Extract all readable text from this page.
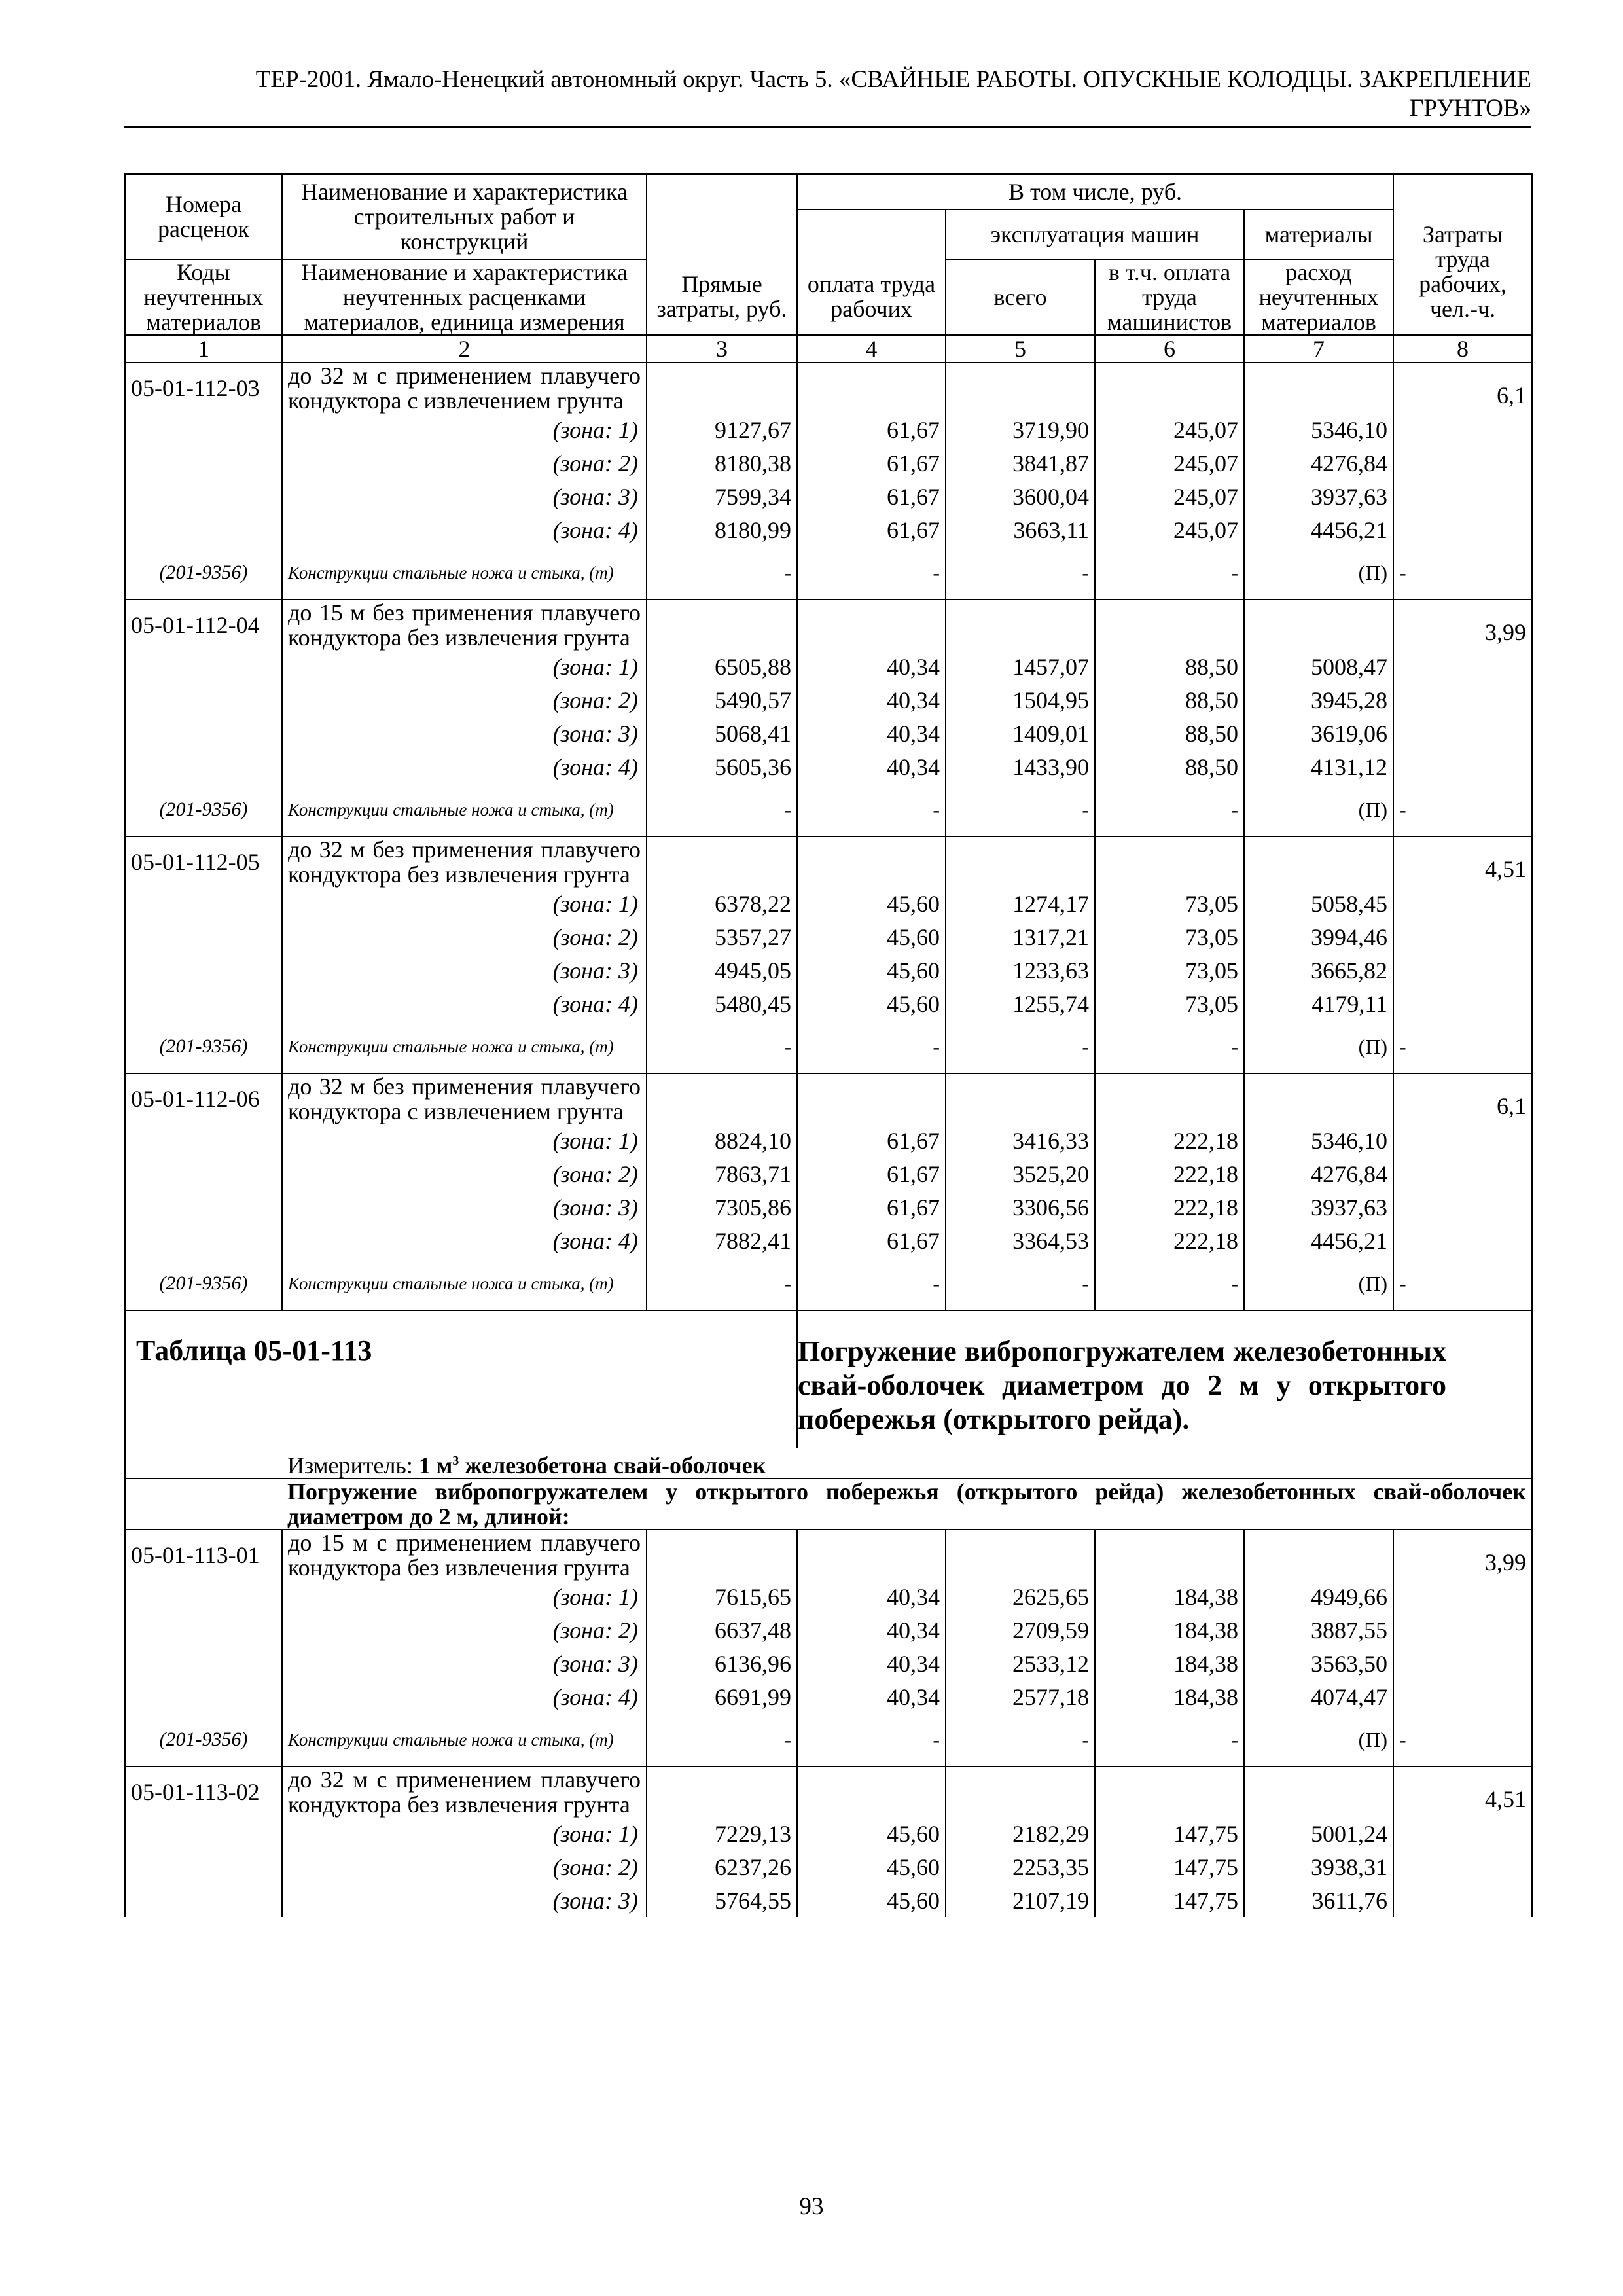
ТЕР-2001. Ямало-Ненецкий автономный округ. Часть 5. «СВАЙНЫЕ РАБОТЫ. ОПУСКНЫЕ КОЛОДЦЫ. ЗАКРЕПЛЕНИЕ
ГРУНТОВ»
Номера расценок	Наименование и характеристика строительных работ и конструкций	Прямые затраты, руб.	В том числе, руб.				Затраты труда рабочих, чел.-ч.
			оплата труда рабочих	эксплуатация машин		материалы	
Коды неучтенных материалов	Наименование и характеристика неучтенных расценками материалов, единица измерения			всего	в т.ч. оплата труда машинистов	расход неучтенных материалов	
1	2	3	4	5	6	7	8
05-01-112-03	до 32 м с применением плавучего кондуктора с извлечением грунта						6,1
	(зона: 1)	9127,67	61,67	3719,90	245,07	5346,10	
	(зона: 2)	8180,38	61,67	3841,87	245,07	4276,84	
	(зона: 3)	7599,34	61,67	3600,04	245,07	3937,63	
	(зона: 4)	8180,99	61,67	3663,11	245,07	4456,21	
(201-9356)	Конструкции стальные ножа и стыка, (т)	-	-	-	-	(П)	-
05-01-112-04	до 15 м без применения плавучего кондуктора без извлечения грунта						3,99
	(зона: 1)	6505,88	40,34	1457,07	88,50	5008,47	
	(зона: 2)	5490,57	40,34	1504,95	88,50	3945,28	
	(зона: 3)	5068,41	40,34	1409,01	88,50	3619,06	
	(зона: 4)	5605,36	40,34	1433,90	88,50	4131,12	
(201-9356)	Конструкции стальные ножа и стыка, (т)	-	-	-	-	(П)	-
05-01-112-05	до 32 м без применения плавучего кондуктора без извлечения грунта						4,51
	(зона: 1)	6378,22	45,60	1274,17	73,05	5058,45	
	(зона: 2)	5357,27	45,60	1317,21	73,05	3994,46	
	(зона: 3)	4945,05	45,60	1233,63	73,05	3665,82	
	(зона: 4)	5480,45	45,60	1255,74	73,05	4179,11	
(201-9356)	Конструкции стальные ножа и стыка, (т)	-	-	-	-	(П)	-
05-01-112-06	до 32 м без применения плавучего кондуктора с извлечением грунта						6,1
	(зона: 1)	8824,10	61,67	3416,33	222,18	5346,10	
	(зона: 2)	7863,71	61,67	3525,20	222,18	4276,84	
	(зона: 3)	7305,86	61,67	3306,56	222,18	3937,63	
	(зона: 4)	7882,41	61,67	3364,53	222,18	4456,21	
(201-9356)	Конструкции стальные ножа и стыка, (т)	-	-	-	-	(П)	-
Таблица 05-01-113			Погружение вибропогружателем железобетонных свай-оболочек диаметром до 2 м у открытого побережья (открытого рейда).				
	Измеритель: 1 $м^3$ железобетона свай-оболочек						
	Погружение вибропогружателем у открытого побережья (открытого рейда) железобетонных свай-оболочек диаметром до 2 м, длиной:						
05-01-113-01	до 15 м с применением плавучего кондуктора без извлечения грунта						3,99
	(зона: 1)	7615,65	40,34	2625,65	184,38	4949,66	
	(зона: 2)	6637,48	40,34	2709,59	184,38	3887,55	
	(зона: 3)	6136,96	40,34	2533,12	184,38	3563,50	
	(зона: 4)	6691,99	40,34	2577,18	184,38	4074,47	
(201-9356)	Конструкции стальные ножа и стыка, (т)	-	-	-	-	(П)	-
05-01-113-02	до 32 м с применением плавучего кондуктора без извлечения грунта						4,51
	(зона: 1)	7229,13	45,60	2182,29	147,75	5001,24	
	(зона: 2)	6237,26	45,60	2253,35	147,75	3938,31	
	(зона: 3)	5764,55	45,60	2107,19	147,75	3611,76	
93
